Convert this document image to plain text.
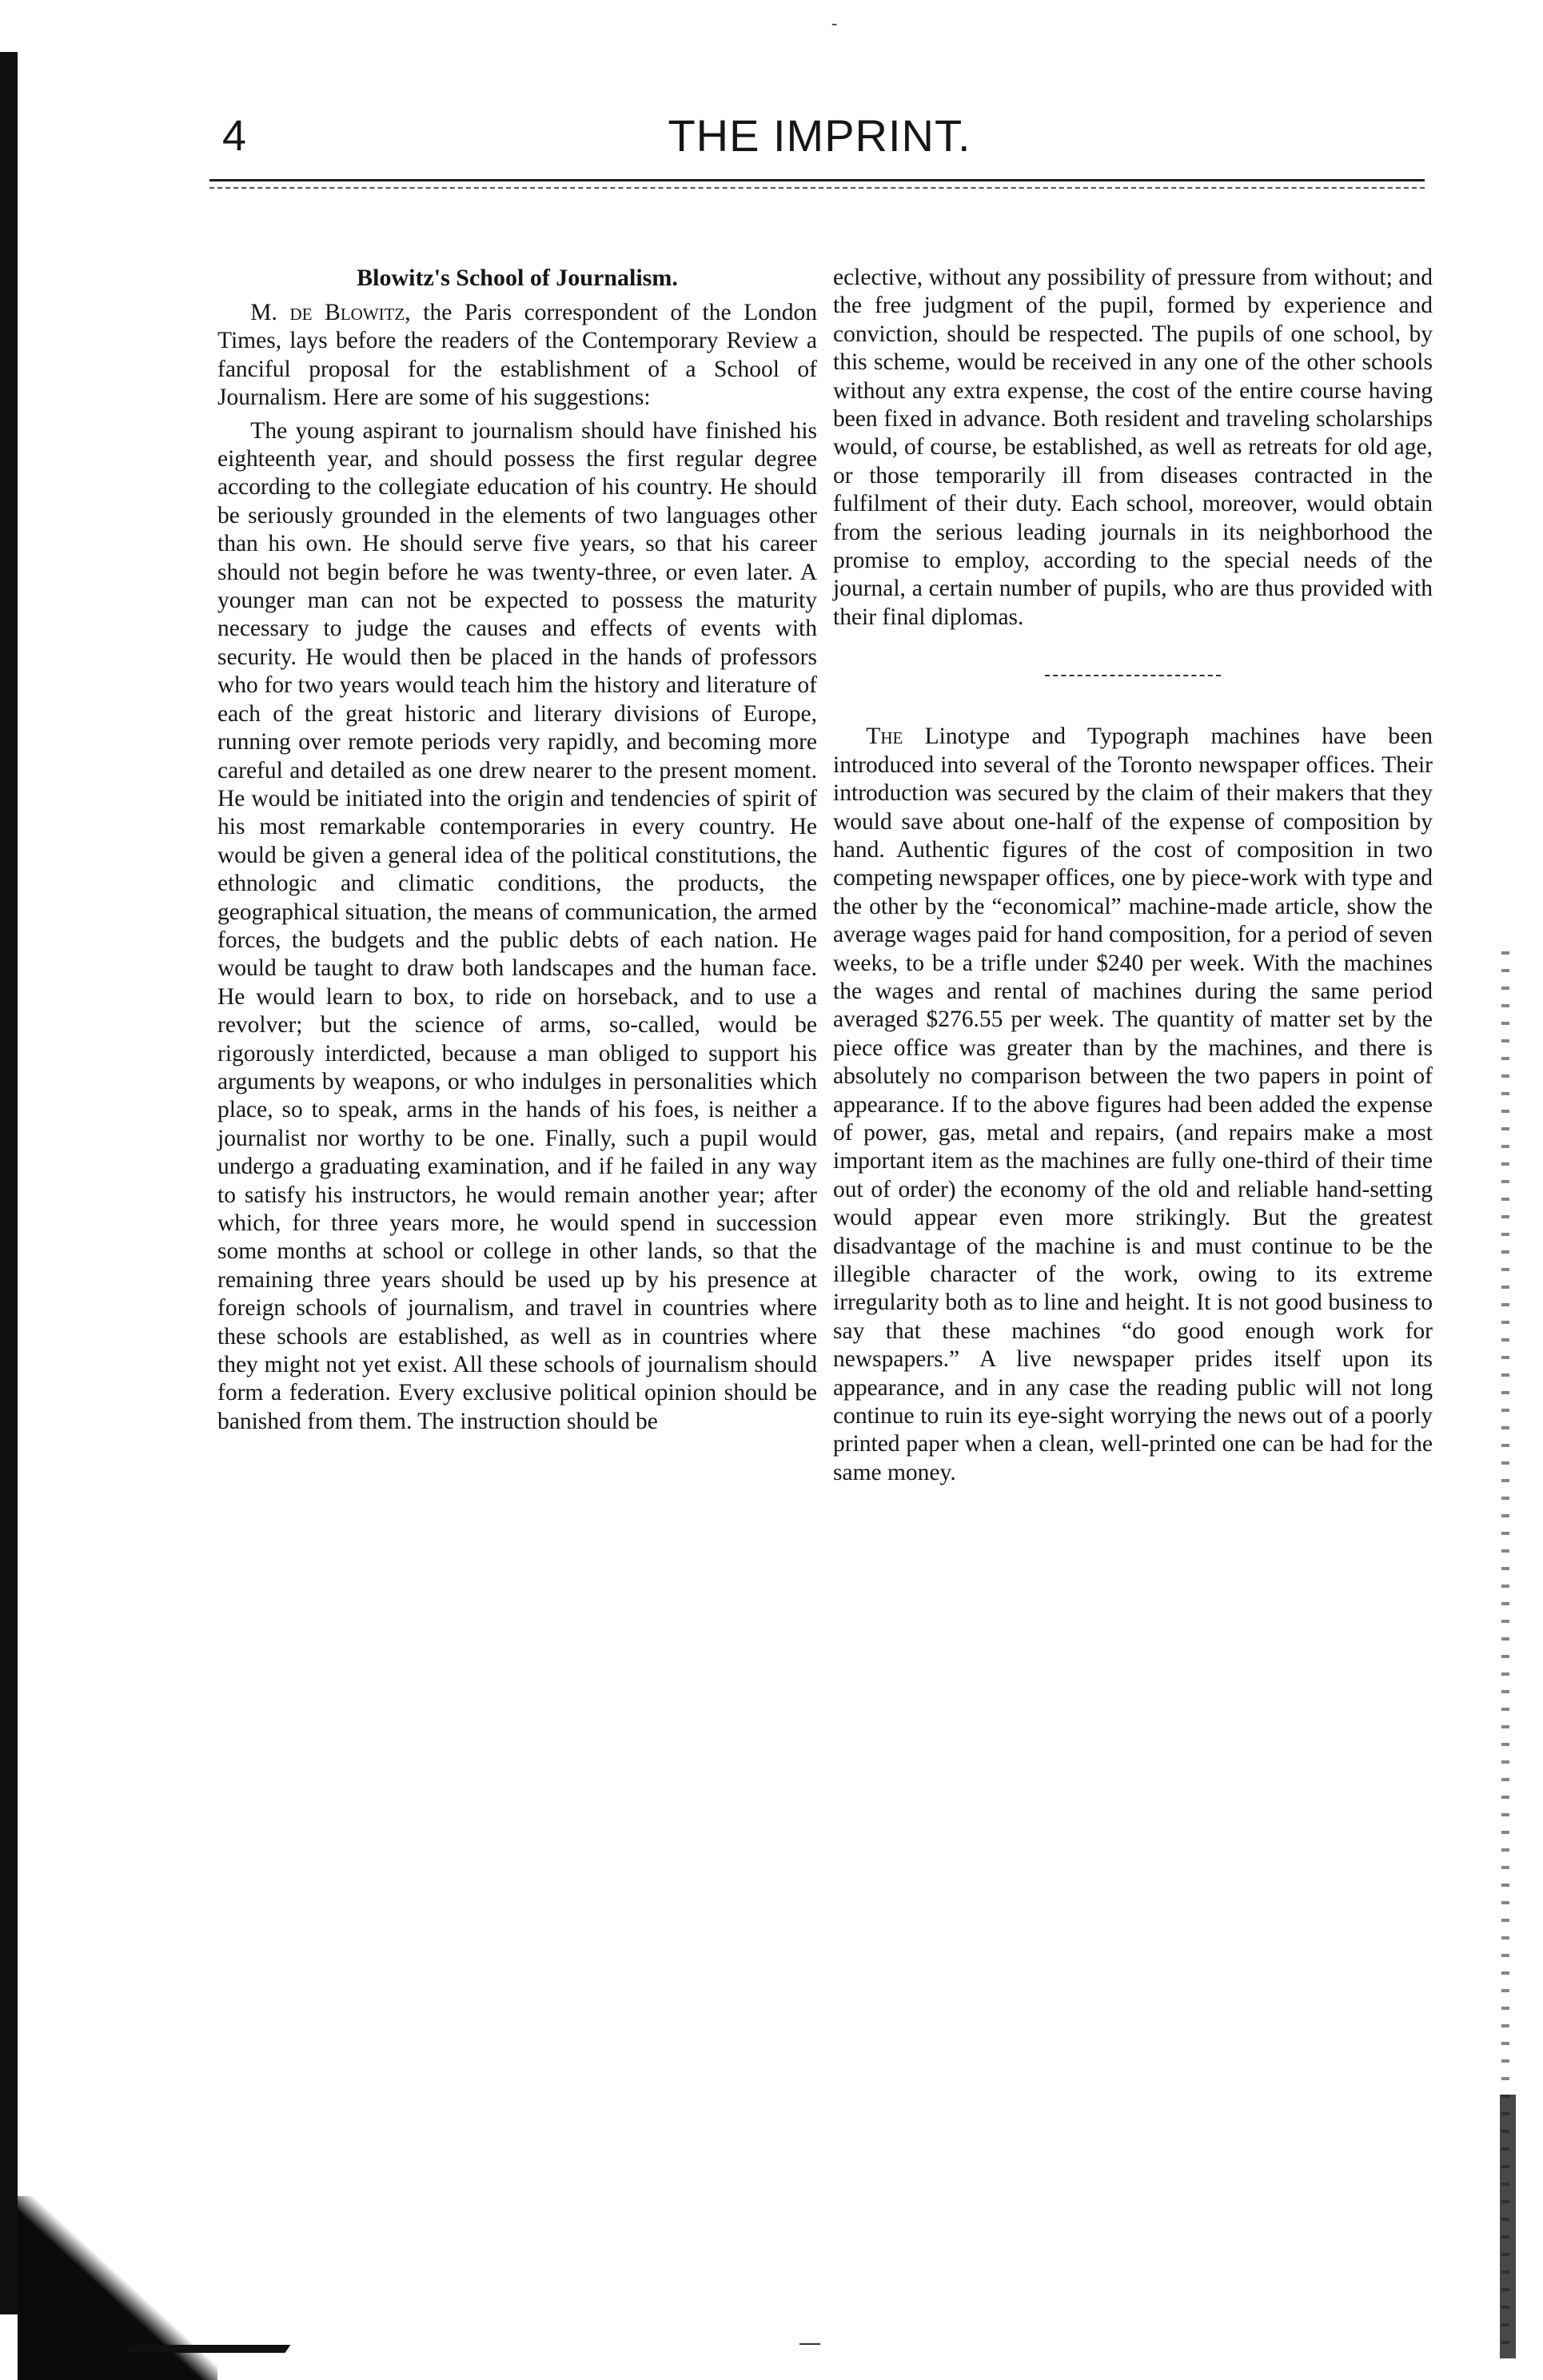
-
4	THE IMPRINT.
Blowitz's School of Journalism.

M. de Blowitz, the Paris correspondent of the London Times, lays before the readers of the Contemporary Review a fanciful proposal for the establishment of a School of Journalism. Here are some of his suggestions:

The young aspirant to journalism should have finished his eighteenth year, and should possess the first regular degree according to the collegiate education of his country. He should be seriously grounded in the elements of two languages other than his own. He should serve five years, so that his career should not begin before he was twenty-three, or even later. A younger man can not be expected to possess the maturity necessary to judge the causes and effects of events with security. He would then be placed in the hands of professors who for two years would teach him the history and literature of each of the great historic and literary divisions of Europe, running over remote periods very rapidly, and becoming more careful and detailed as one drew nearer to the present moment. He would be initiated into the origin and tendencies of spirit of his most remarkable contemporaries in every country. He would be given a general idea of the political constitutions, the ethnologic and climatic conditions, the products, the geographical situation, the means of communication, the armed forces, the budgets and the public debts of each nation. He would be taught to draw both landscapes and the human face. He would learn to box, to ride on horseback, and to use a revolver; but the science of arms, so-called, would be rigorously interdicted, because a man obliged to support his arguments by weapons, or who indulges in personalities which place, so to speak, arms in the hands of his foes, is neither a journalist nor worthy to be one. Finally, such a pupil would undergo a graduating examination, and if he failed in any way to satisfy his instructors, he would remain another year; after which, for three years more, he would spend in succession some months at school or college in other lands, so that the remaining three years should be used up by his presence at foreign schools of journalism, and travel in countries where these schools are established, as well as in countries where they might not yet exist. All these schools of journalism should form a federation. Every exclusive political opinion should be banished from them. The instruction should be

eclective, without any possibility of pressure from without; and the free judgment of the pupil, formed by experience and conviction, should be respected. The pupils of one school, by this scheme, would be received in any one of the other schools without any extra expense, the cost of the entire course having been fixed in advance. Both resident and traveling scholarships would, of course, be established, as well as retreats for old age, or those temporarily ill from diseases contracted in the fulfilment of their duty. Each school, moreover, would obtain from the serious leading journals in its neighborhood the promise to employ, according to the special needs of the journal, a certain number of pupils, who are thus provided with their final diplomas.

The Linotype and Typograph machines have been introduced into several of the Toronto newspaper offices. Their introduction was secured by the claim of their makers that they would save about one-half of the expense of composition by hand. Authentic figures of the cost of composition in two competing newspaper offices, one by piece-work with type and the other by the “economical” machine-made article, show the average wages paid for hand composition, for a period of seven weeks, to be a trifle under $240 per week. With the machines the wages and rental of machines during the same period averaged $276.55 per week. The quantity of matter set by the piece office was greater than by the machines, and there is absolutely no comparison between the two papers in point of appearance. If to the above figures had been added the expense of power, gas, metal and repairs, (and repairs make a most important item as the machines are fully one-third of their time out of order) the economy of the old and reliable hand-setting would appear even more strikingly. But the greatest disadvantage of the machine is and must continue to be the illegible character of the work, owing to its extreme irregularity both as to line and height. It is not good business to say that these machines “do good enough work for newspapers.” A live newspaper prides itself upon its appearance, and in any case the reading public will not long continue to ruin its eye-sight worrying the news out of a poorly printed paper when a clean, well-printed one can be had for the same money.
